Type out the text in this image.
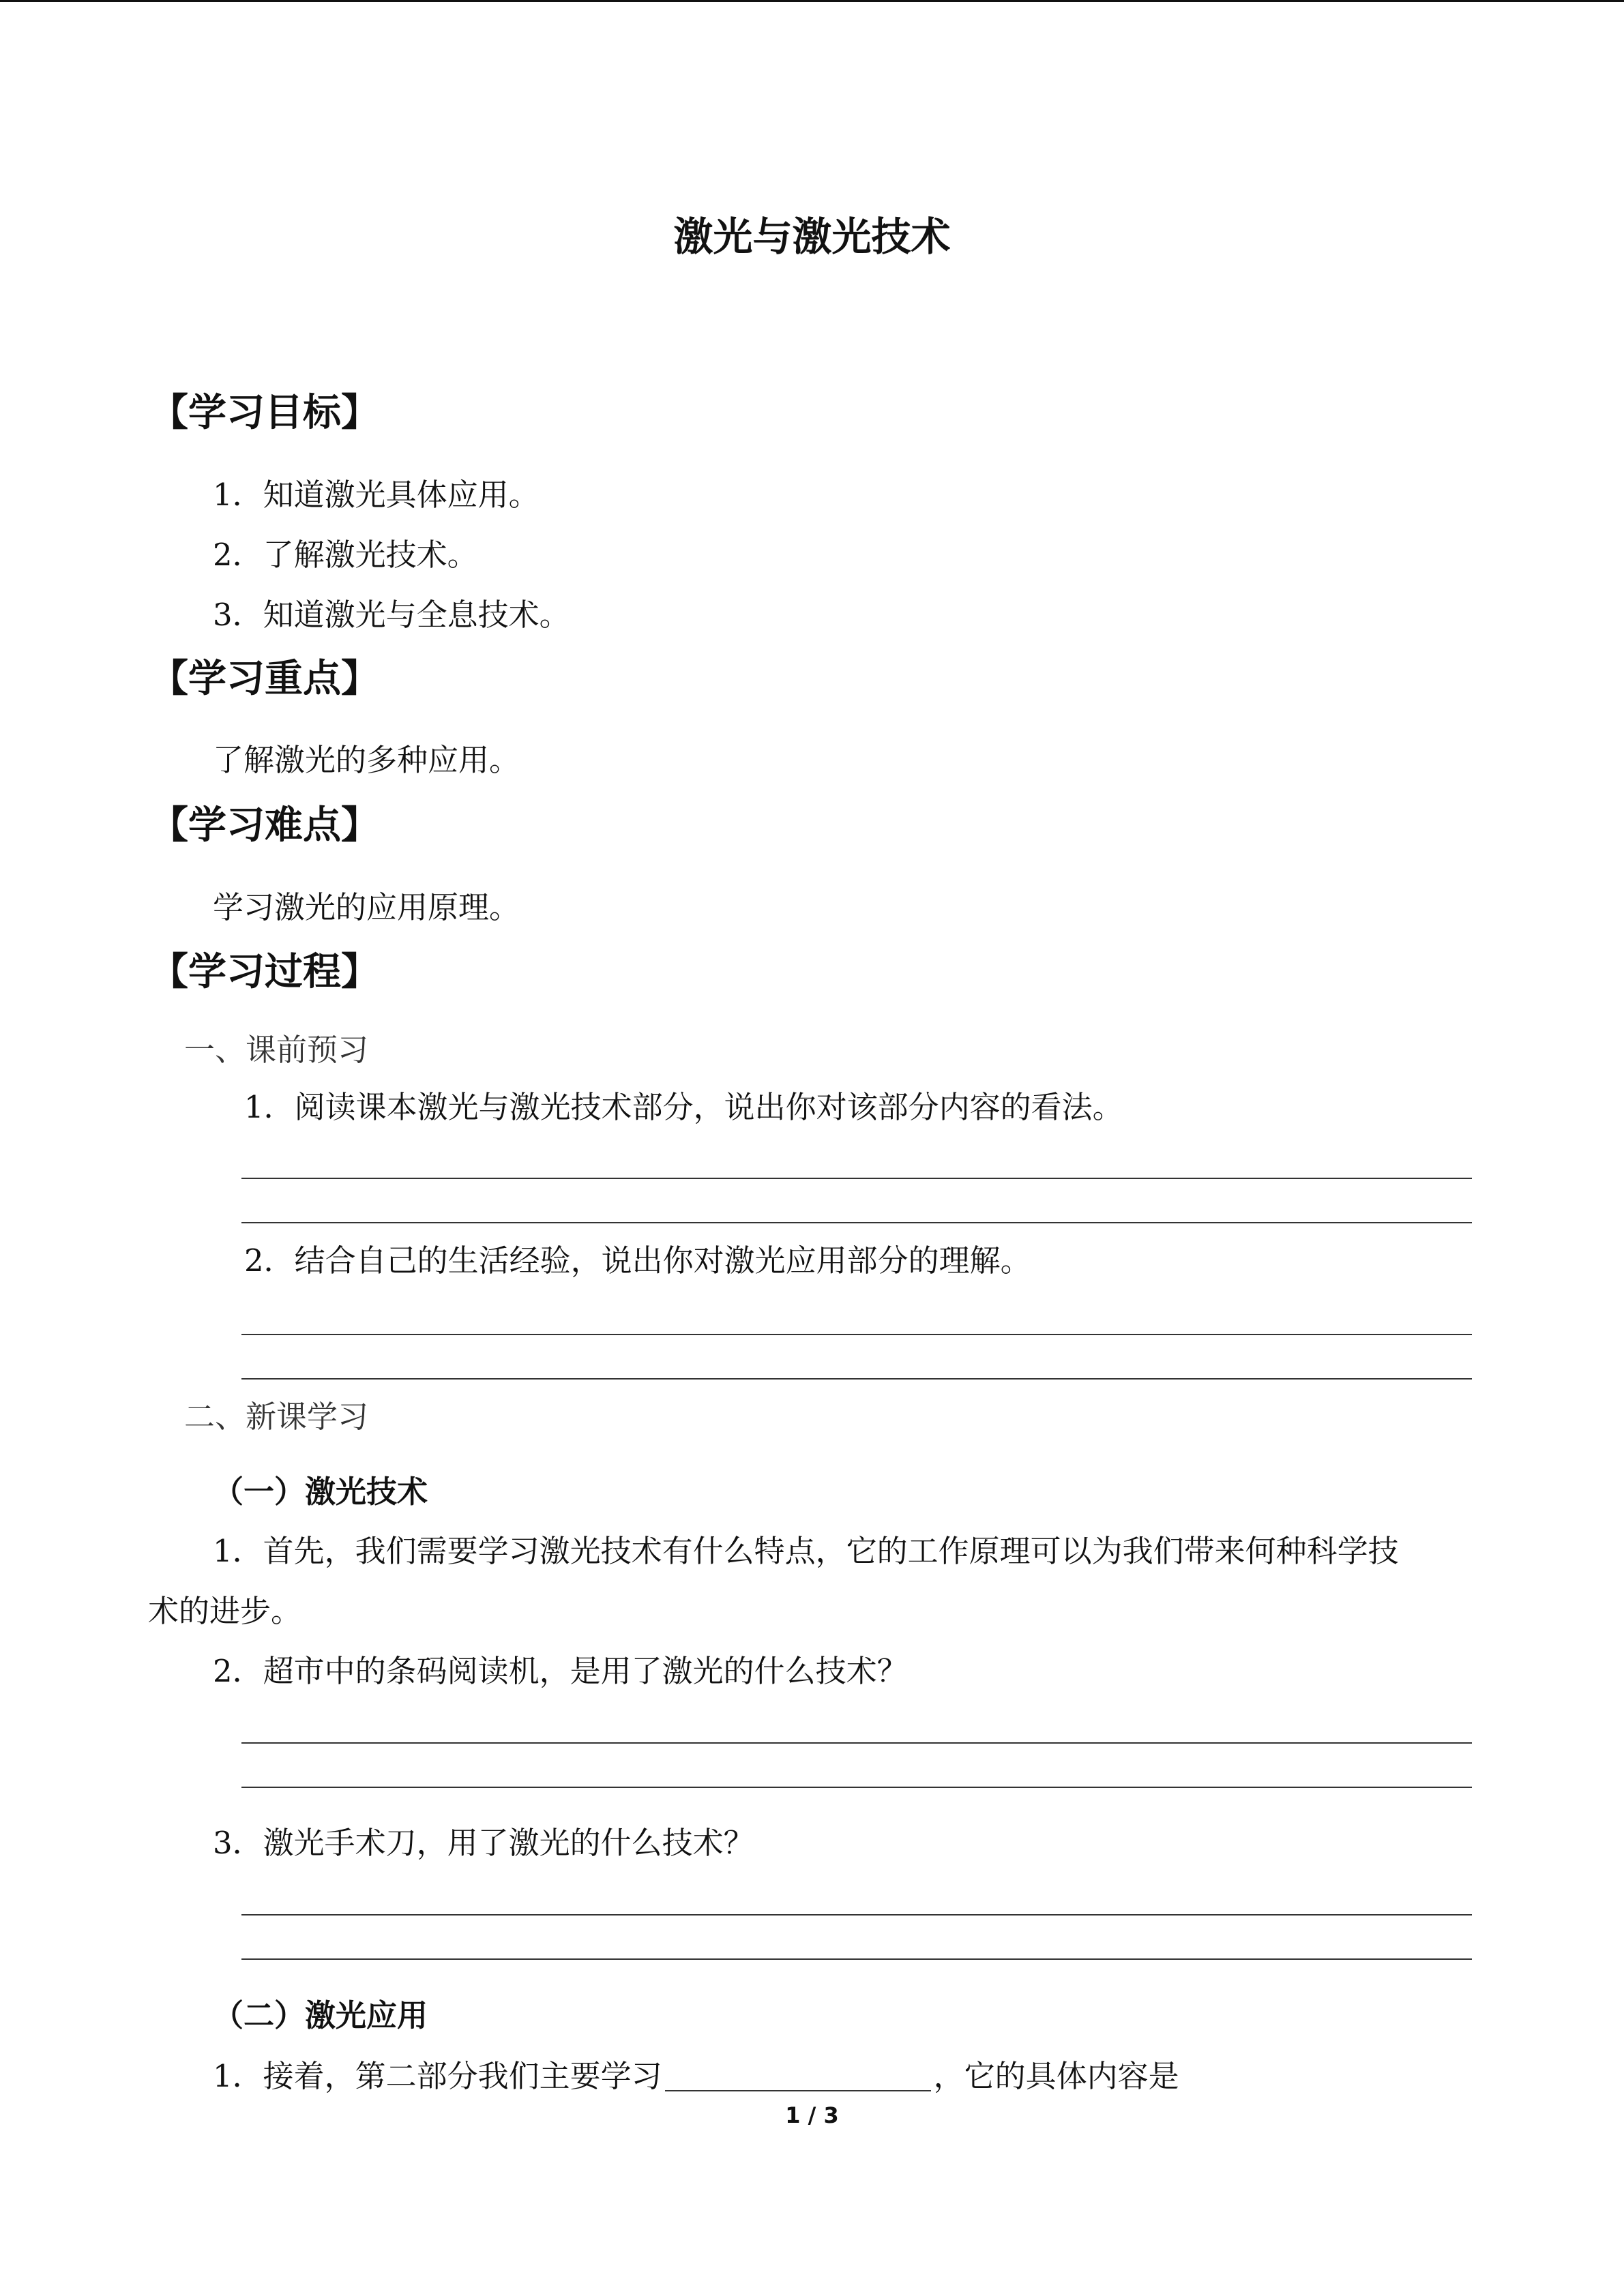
激光与激光技术
【学习目标】
1．知道激光具体应用。
2．了解激光技术。
3．知道激光与全息技术。
【学习重点】
了解激光的多种应用。
【学习难点】
学习激光的应用原理。
【学习过程】
一、课前预习
1．阅读课本激光与激光技术部分，说出你对该部分内容的看法。
2．结合自己的生活经验，说出你对激光应用部分的理解。
二、新课学习
（一）激光技术
1．首先，我们需要学习激光技术有什么特点，它的工作原理可以为我们带来何种科学技
术的进步。
2．超市中的条码阅读机，是用了激光的什么技术？
3．激光手术刀，用了激光的什么技术？
（二）激光应用
1．接着，第二部分我们主要学习	，它的具体内容是
1 / 3
